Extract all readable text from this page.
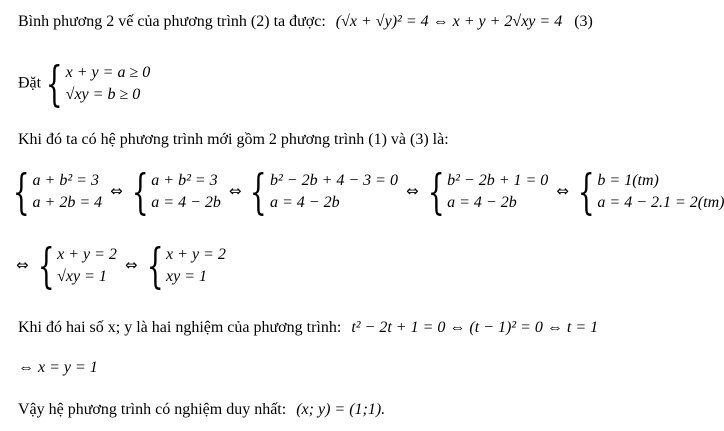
Bình phương 2 vế của phương trình (2) ta được: (√x + √y)² = 4 ⇔ x + y + 2√xy = 4 (3)
Đặt { x + y = a ≥ 0
√xy = b ≥ 0
Khi đó ta có hệ phương trình mới gồm 2 phương trình (1) và (3) là:
{ a + b² = 3
a + 2b = 4
⇔ { a + b² = 3
a = 4 − 2b
⇔ { b² − 2b + 4 − 3 = 0
a = 4 − 2b
⇔ { b² − 2b + 1 = 0
a = 4 − 2b
⇔ { b = 1(tm)
a = 4 − 2.1 = 2(tm)
⇔ { x + y = 2
√xy = 1
⇔ { x + y = 2
xy = 1
Khi đó hai số x; y là hai nghiệm của phương trình: t² − 2t + 1 = 0 ⇔ (t − 1)² = 0 ⇔ t = 1
⇔ x = y = 1
Vậy hệ phương trình có nghiệm duy nhất: (x; y) = (1;1).
